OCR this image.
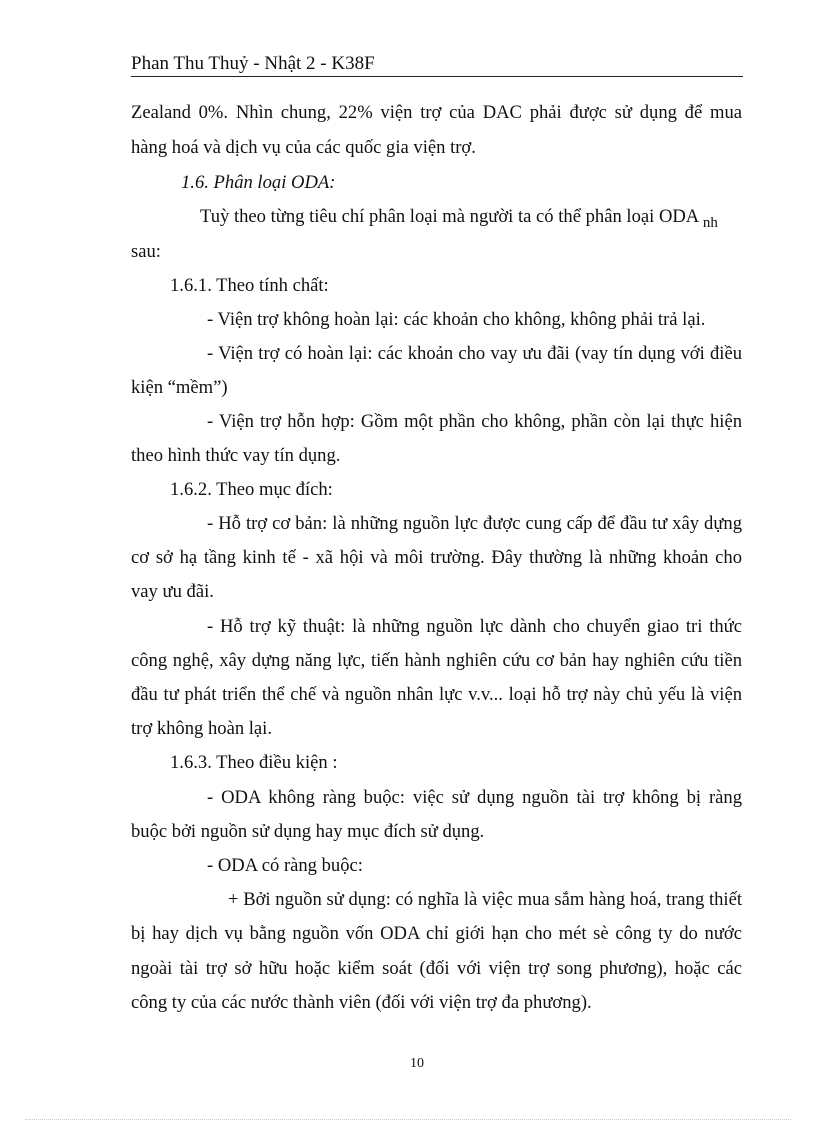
Phan Thu Thuỷ - Nhật 2 - K38F
Zealand 0%. Nhìn chung, 22% viện trợ của DAC phải được sử dụng để mua
hàng hoá và dịch vụ của các quốc gia viện trợ.
1.6. Phân loại ODA:
Tuỳ theo từng tiêu chí phân loại mà người ta có thể phân loại ODA $_{nh}$
sau:
1.6.1. Theo tính chất:
- Viện trợ không hoàn lại: các khoản cho không, không phải trả lại.
- Viện trợ có hoàn lại: các khoản cho vay ưu đãi (vay tín dụng với điều
kiện “mềm”)
- Viện trợ hỗn hợp: Gồm một phần cho không, phần còn lại thực hiện
theo hình thức vay tín dụng.
1.6.2. Theo mục đích:
- Hỗ trợ cơ bản: là những nguồn lực được cung cấp để đầu tư xây dựng
cơ sở hạ tầng kinh tế - xã hội và môi trường. Đây thường là những khoản cho
vay ưu đãi.
- Hỗ trợ kỹ thuật: là những nguồn lực dành cho chuyển giao tri thức
công nghệ, xây dựng năng lực, tiến hành nghiên cứu cơ bản hay nghiên cứu tiền
đầu tư phát triển thể chế và nguồn nhân lực v.v... loại hỗ trợ này chủ yếu là viện
trợ không hoàn lại.
1.6.3. Theo điều kiện :
- ODA không ràng buộc: việc sử dụng nguồn tài trợ không bị ràng
buộc bởi nguồn sử dụng hay mục đích sử dụng.
- ODA có ràng buộc:
+ Bởi nguồn sử dụng: có nghĩa là việc mua sắm hàng hoá, trang thiết
bị hay dịch vụ bằng nguồn vốn ODA chỉ giới hạn cho mét sè công ty do nước
ngoài tài trợ sở hữu hoặc kiểm soát (đối với viện trợ song phương), hoặc các
công ty của các nước thành viên (đối với viện trợ đa phương).
10
